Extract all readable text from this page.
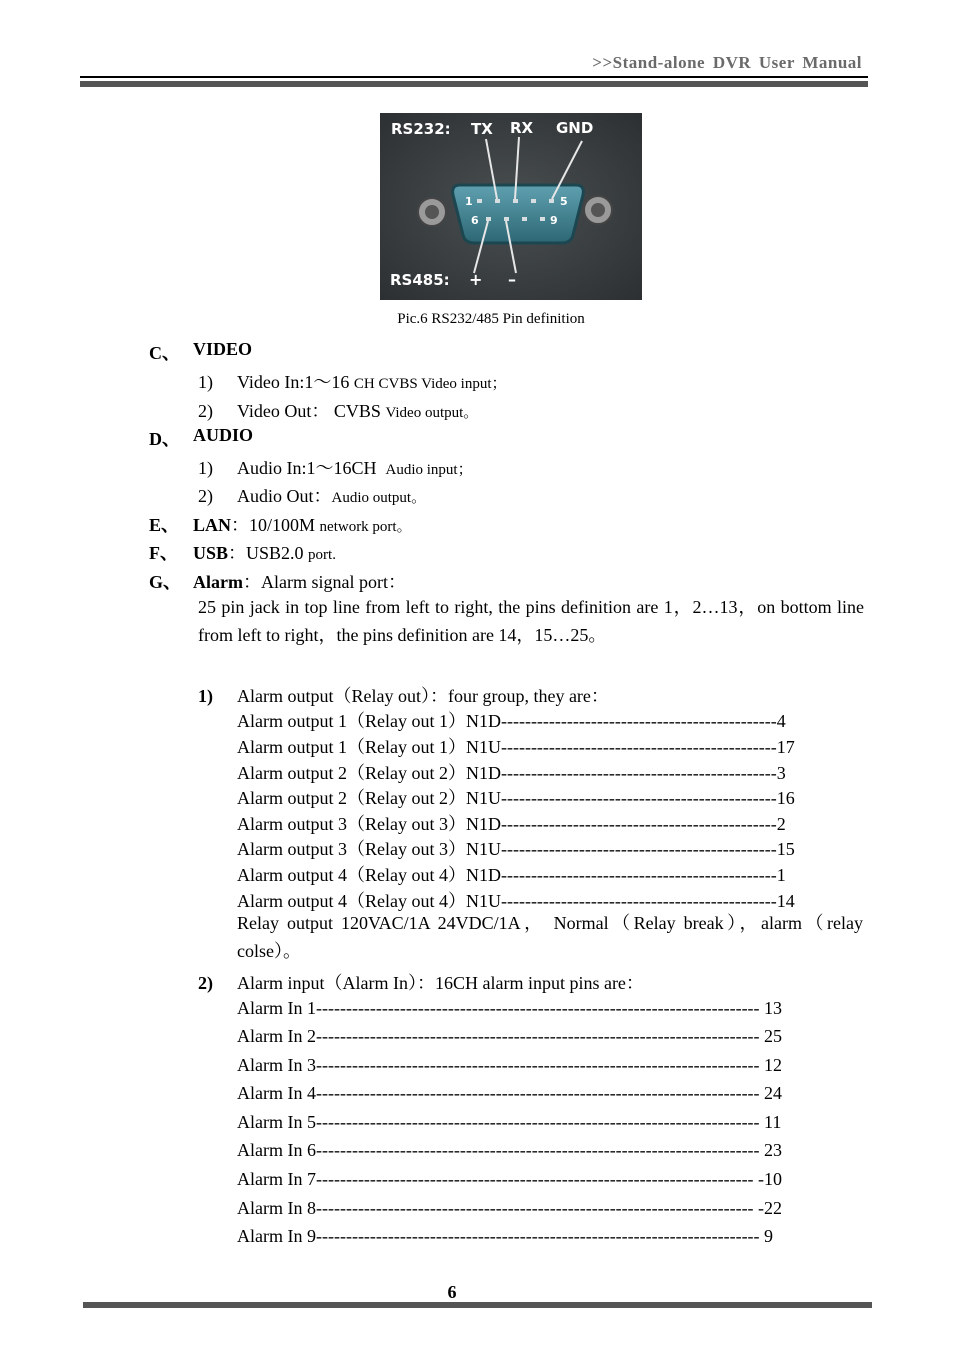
>>Stand-alone DVR User Manual
RS232: TX RX GND
1	5
6	9
RS485: + –
Pic.6 RS232/485 Pin definition
C、 VIDEO
1) Video In:1～16 CH CVBS Video input；
2) Video Out： CVBS Video output。
D、 AUDIO
1) Audio In:1～16CH  Audio input；
2) Audio Out：Audio output。
E、 LAN：10/100M network port。
F、 USB：USB2.0 port.
G、 Alarm：Alarm signal port：
25 pin jack in top line from left to right, the pins definition are 1，2…13，on bottom line from left to right，the pins definition are 14，15…25。
1) Alarm output（Relay out）：four group, they are：
Alarm output 1（Relay out 1）N1D----------------------------------------------4
Alarm output 1（Relay out 1）N1U----------------------------------------------17
Alarm output 2（Relay out 2）N1D----------------------------------------------3
Alarm output 2（Relay out 2）N1U----------------------------------------------16
Alarm output 3（Relay out 3）N1D----------------------------------------------2
Alarm output 3（Relay out 3）N1U----------------------------------------------15
Alarm output 4（Relay out 4）N1D----------------------------------------------1
Alarm output 4（Relay out 4）N1U----------------------------------------------14
Relay output 120VAC/1A 24VDC/1A， Normal（Relay break），alarm（relay colse）。
2) Alarm input（Alarm In）：16CH alarm input pins are：
Alarm In 1-------------------------------------------------------------------------- 13
Alarm In 2-------------------------------------------------------------------------- 25
Alarm In 3-------------------------------------------------------------------------- 12
Alarm In 4-------------------------------------------------------------------------- 24
Alarm In 5-------------------------------------------------------------------------- 11
Alarm In 6-------------------------------------------------------------------------- 23
Alarm In 7------------------------------------------------------------------------- -10
Alarm In 8------------------------------------------------------------------------- -22
Alarm In 9-------------------------------------------------------------------------- 9
6
